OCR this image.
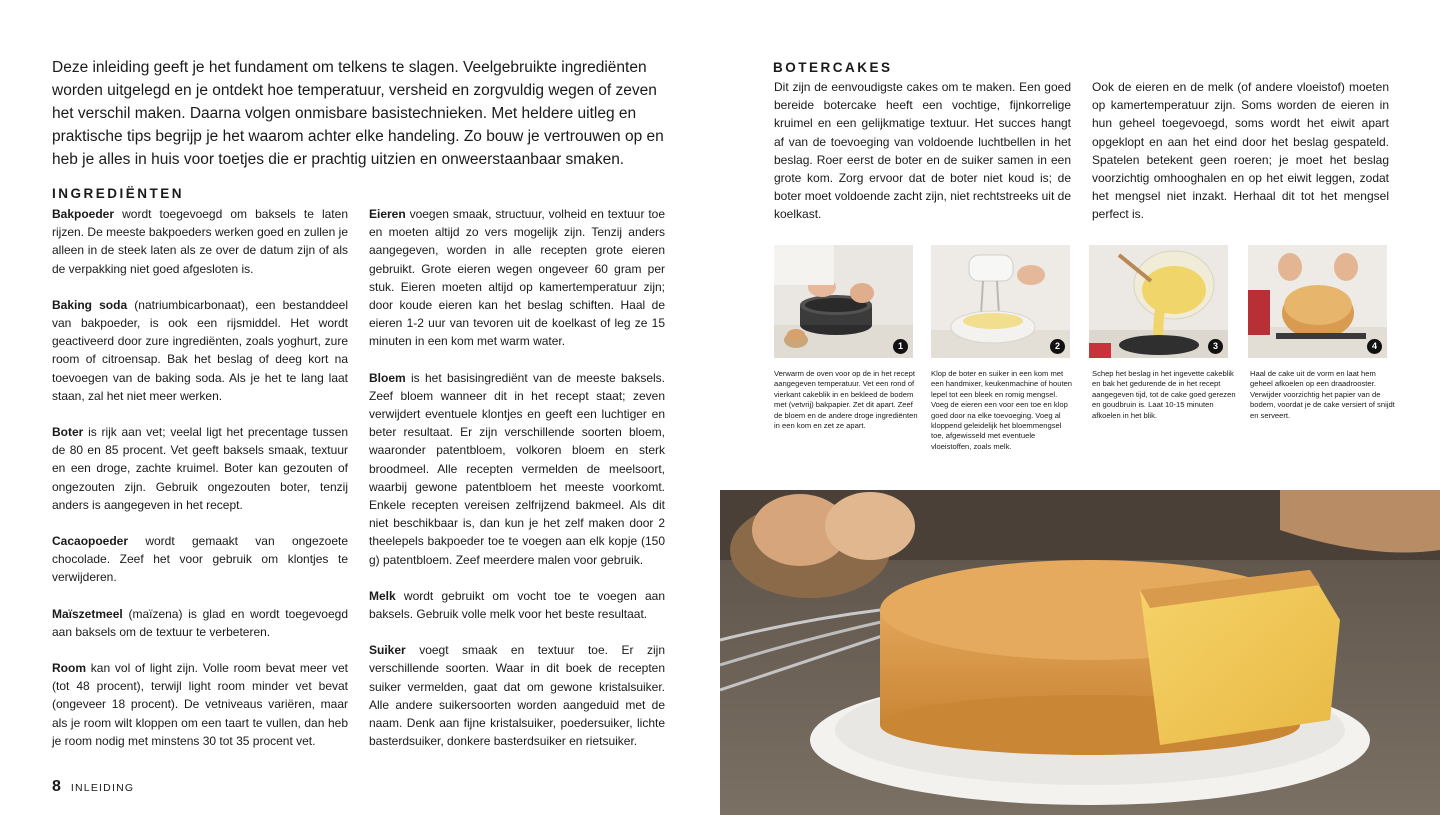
Deze inleiding geeft je het fundament om telkens te slagen. Veelgebruikte ingrediënten worden uitgelegd en je ontdekt hoe temperatuur, versheid en zorgvuldig wegen of zeven het verschil maken. Daarna volgen onmisbare basistechnieken. Met heldere uitleg en praktische tips begrijp je het waarom achter elke handeling. Zo bouw je vertrouwen op en heb je alles in huis voor toetjes die er prachtig uitzien en onweerstaanbaar smaken.

INGREDIËNTEN

Bakpoeder wordt toegevoegd om baksels te laten rijzen. De meeste bakpoeders werken goed en zullen je alleen in de steek laten als ze over de datum zijn of als de verpakking niet goed afgesloten is.

Baking soda (natriumbicarbonaat), een bestanddeel van bakpoeder, is ook een rijsmiddel. Het wordt geactiveerd door zure ingrediënten, zoals yoghurt, zure room of citroensap. Bak het beslag of deeg kort na toevoegen van de baking soda. Als je het te lang laat staan, zal het niet meer werken.

Boter is rijk aan vet; veelal ligt het precentage tussen de 80 en 85 procent. Vet geeft baksels smaak, textuur en een droge, zachte kruimel. Boter kan gezouten of ongezouten zijn. Gebruik ongezouten boter, tenzij anders is aangegeven in het recept.

Cacaopoeder wordt gemaakt van ongezoete chocolade. Zeef het voor gebruik om klontjes te verwijderen.

Maïszetmeel (maïzena) is glad en wordt toegevoegd aan baksels om de textuur te verbeteren.

Room kan vol of light zijn. Volle room bevat meer vet (tot 48 procent), terwijl light room minder vet bevat (ongeveer 18 procent). De vetniveaus variëren, maar als je room wilt kloppen om een taart te vullen, dan heb je room nodig met minstens 30 tot 35 procent vet.

Eieren voegen smaak, structuur, volheid en textuur toe en moeten altijd zo vers mogelijk zijn. Tenzij anders aangegeven, worden in alle recepten grote eieren gebruikt. Grote eieren wegen ongeveer 60 gram per stuk. Eieren moeten altijd op kamertemperatuur zijn; door koude eieren kan het beslag schiften. Haal de eieren 1-2 uur van tevoren uit de koelkast of leg ze 15 minuten in een kom met warm water.

Bloem is het basisingrediënt van de meeste baksels. Zeef bloem wanneer dit in het recept staat; zeven verwijdert eventuele klontjes en geeft een luchtiger en beter resultaat. Er zijn verschillende soorten bloem, waaronder patentbloem, volkoren bloem en sterk broodmeel. Alle recepten vermelden de meelsoort, waarbij gewone patentbloem het meeste voorkomt. Enkele recepten vereisen zelfrijzend bakmeel. Als dit niet beschikbaar is, dan kun je het zelf maken door 2 theelepels bakpoeder toe te voegen aan elk kopje (150 g) patentbloem. Zeef meerdere malen voor gebruik.

Melk wordt gebruikt om vocht toe te voegen aan baksels. Gebruik volle melk voor het beste resultaat.

Suiker voegt smaak en textuur toe. Er zijn verschillende soorten. Waar in dit boek de recepten suiker vermelden, gaat dat om gewone kristalsuiker. Alle andere suikersoorten worden aangeduid met de naam. Denk aan fijne kristalsuiker, poedersuiker, lichte basterdsuiker, donkere basterdsuiker en rietsuiker.

8 INLEIDING
BOTERCAKES

Dit zijn de eenvoudigste cakes om te maken. Een goed bereide botercake heeft een vochtige, fijnkorrelige kruimel en een gelijkmatige textuur. Het succes hangt af van de toevoeging van voldoende luchtbellen in het beslag. Roer eerst de boter en de suiker samen in een grote kom. Zorg ervoor dat de boter niet koud is; de boter moet voldoende zacht zijn, niet rechtstreeks uit de koelkast.

Ook de eieren en de melk (of andere vloeistof) moeten op kamertemperatuur zijn. Soms worden de eieren in hun geheel toegevoegd, soms wordt het eiwit apart opgeklopt en aan het eind door het beslag gespateld. Spatelen betekent geen roeren; je moet het beslag voorzichtig omhooghalen en op het eiwit leggen, zodat het mengsel niet inzakt. Herhaal dit tot het mengsel perfect is.

1	2	3	4

Verwarm de oven voor op de in het recept aangegeven temperatuur. Vet een rond of vierkant cakeblik in en bekleed de bodem met (vetvrij) bakpapier. Zet dit apart. Zeef de bloem en de andere droge ingrediënten in een kom en zet ze apart.

Klop de boter en suiker in een kom met een handmixer, keukenmachine of houten lepel tot een bleek en romig mengsel. Voeg de eieren een voor een toe en klop goed door na elke toevoeging. Voeg al kloppend geleidelijk het bloemmengsel toe, afgewisseld met eventuele vloeistoffen, zoals melk.

Schep het beslag in het ingevette cakeblik en bak het gedurende de in het recept aangegeven tijd, tot de cake goed gerezen en goudbruin is. Laat 10-15 minuten afkoelen in het blik.

Haal de cake uit de vorm en laat hem geheel afkoelen op een draadrooster. Verwijder voorzichtig het papier van de bodem, voordat je de cake versiert of snijdt en serveert.
